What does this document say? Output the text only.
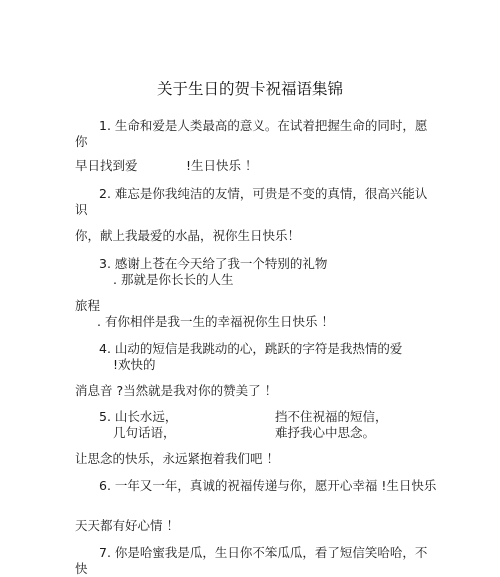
关于生日的贺卡祝福语集锦
1. 生命和爱是人类最高的意义。在试着把握生命的同时，愿
你
早日找到爱	!生日快乐 ！
2. 难忘是你我纯洁的友情，可贵是不变的真情，很高兴能认
识
你，献上我最爱的水晶，祝你生日快乐！
3. 感谢上苍在今天给了我一个特别的礼物
. 那就是你长长的人生
旅程
. 有你相伴是我一生的幸福祝你生日快乐 ！
4. 山动的短信是我跳动的心，跳跃的字符是我热情的爱
!欢快的
消息音 ?当然就是我对你的赞美了 ！
5. 山长水远，	挡不住祝福的短信，
几句话语，	难抒我心中思念。
让思念的快乐，永远紧抱着我们吧 ！
6. 一年又一年，真诚的祝福传递与你，愿开心幸福 !生日快乐
天天都有好心情 ！
7. 你是哈蜜我是瓜，生日你不笨瓜瓜，看了短信笑哈哈，不
快
